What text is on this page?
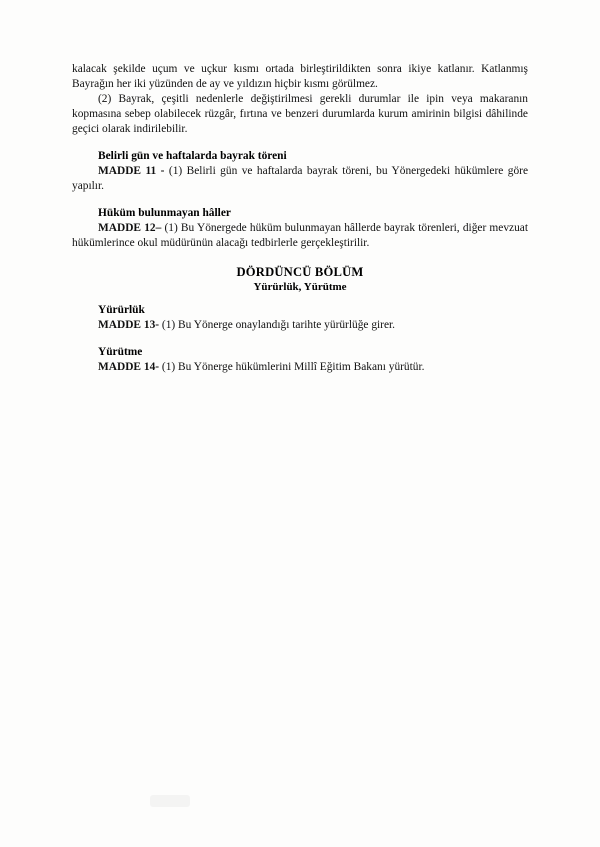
kalacak şekilde uçum ve uçkur kısmı ortada birleştirildikten sonra ikiye katlanır. Katlanmış Bayrağın her iki yüzünden de ay ve yıldızın hiçbir kısmı görülmez.

(2) Bayrak, çeşitli nedenlerle değiştirilmesi gerekli durumlar ile ipin veya makaranın kopmasına sebep olabilecek rüzgâr, fırtına ve benzeri durumlarda kurum amirinin bilgisi dâhilinde geçici olarak indirilebilir.

Belirli gün ve haftalarda bayrak töreni

MADDE 11 - (1) Belirli gün ve haftalarda bayrak töreni, bu Yönergedeki hükümlere göre yapılır.

Hüküm bulunmayan hâller

MADDE 12– (1) Bu Yönergede hüküm bulunmayan hâllerde bayrak törenleri, diğer mevzuat hükümlerince okul müdürünün alacağı tedbirlerle gerçekleştirilir.

DÖRDÜNCÜ BÖLÜM
Yürürlük, Yürütme
Yürürlük

MADDE 13- (1) Bu Yönerge onaylandığı tarihte yürürlüğe girer.

Yürütme

MADDE 14- (1) Bu Yönerge hükümlerini Millî Eğitim Bakanı yürütür.
